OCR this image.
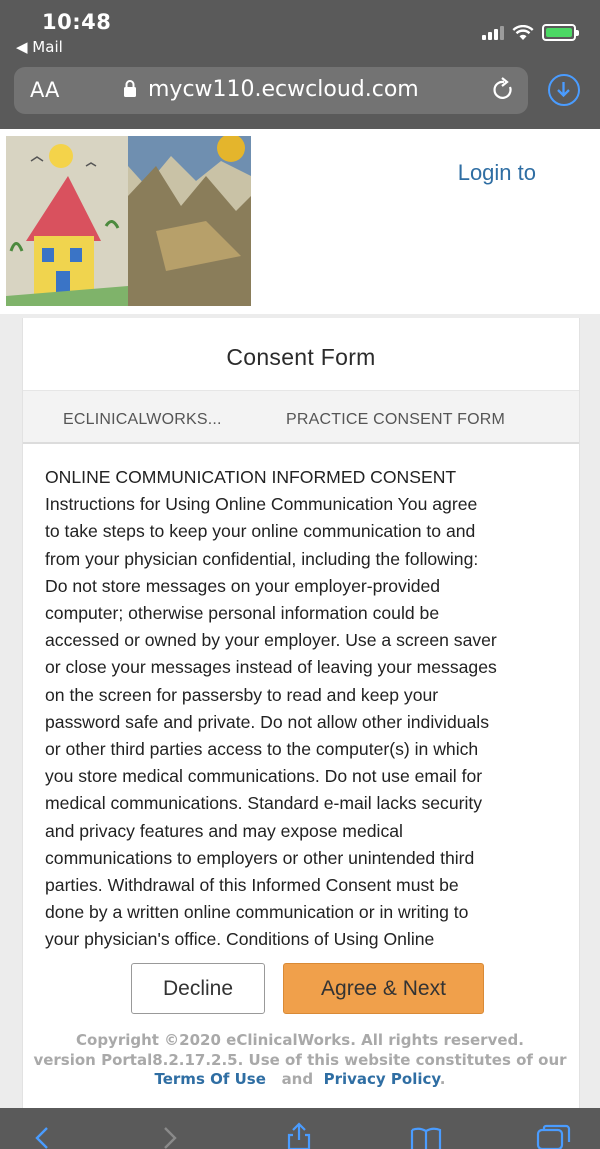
10:48
◀ Mail
AA	mycw110.ecwcloud.com
Login to
Consent Form
ECLINICALWORKS...	PRACTICE CONSENT FORM
ONLINE COMMUNICATION INFORMED CONSENT
Instructions for Using Online Communication You agree
to take steps to keep your online communication to and
from your physician confidential, including the following:
Do not store messages on your employer-provided
computer; otherwise personal information could be
accessed or owned by your employer. Use a screen saver
or close your messages instead of leaving your messages
on the screen for passersby to read and keep your
password safe and private. Do not allow other individuals
or other third parties access to the computer(s) in which
you store medical communications. Do not use email for
medical communications. Standard e-mail lacks security
and privacy features and may expose medical
communications to employers or other unintended third
parties. Withdrawal of this Informed Consent must be
done by a written online communication or in writing to
your physician's office. Conditions of Using Online
Decline	Agree & Next
Copyright ©2020 eClinicalWorks. All rights reserved.
version Portal8.2.17.2.5. Use of this website constitutes of our
Terms Of Use and Privacy Policy.
